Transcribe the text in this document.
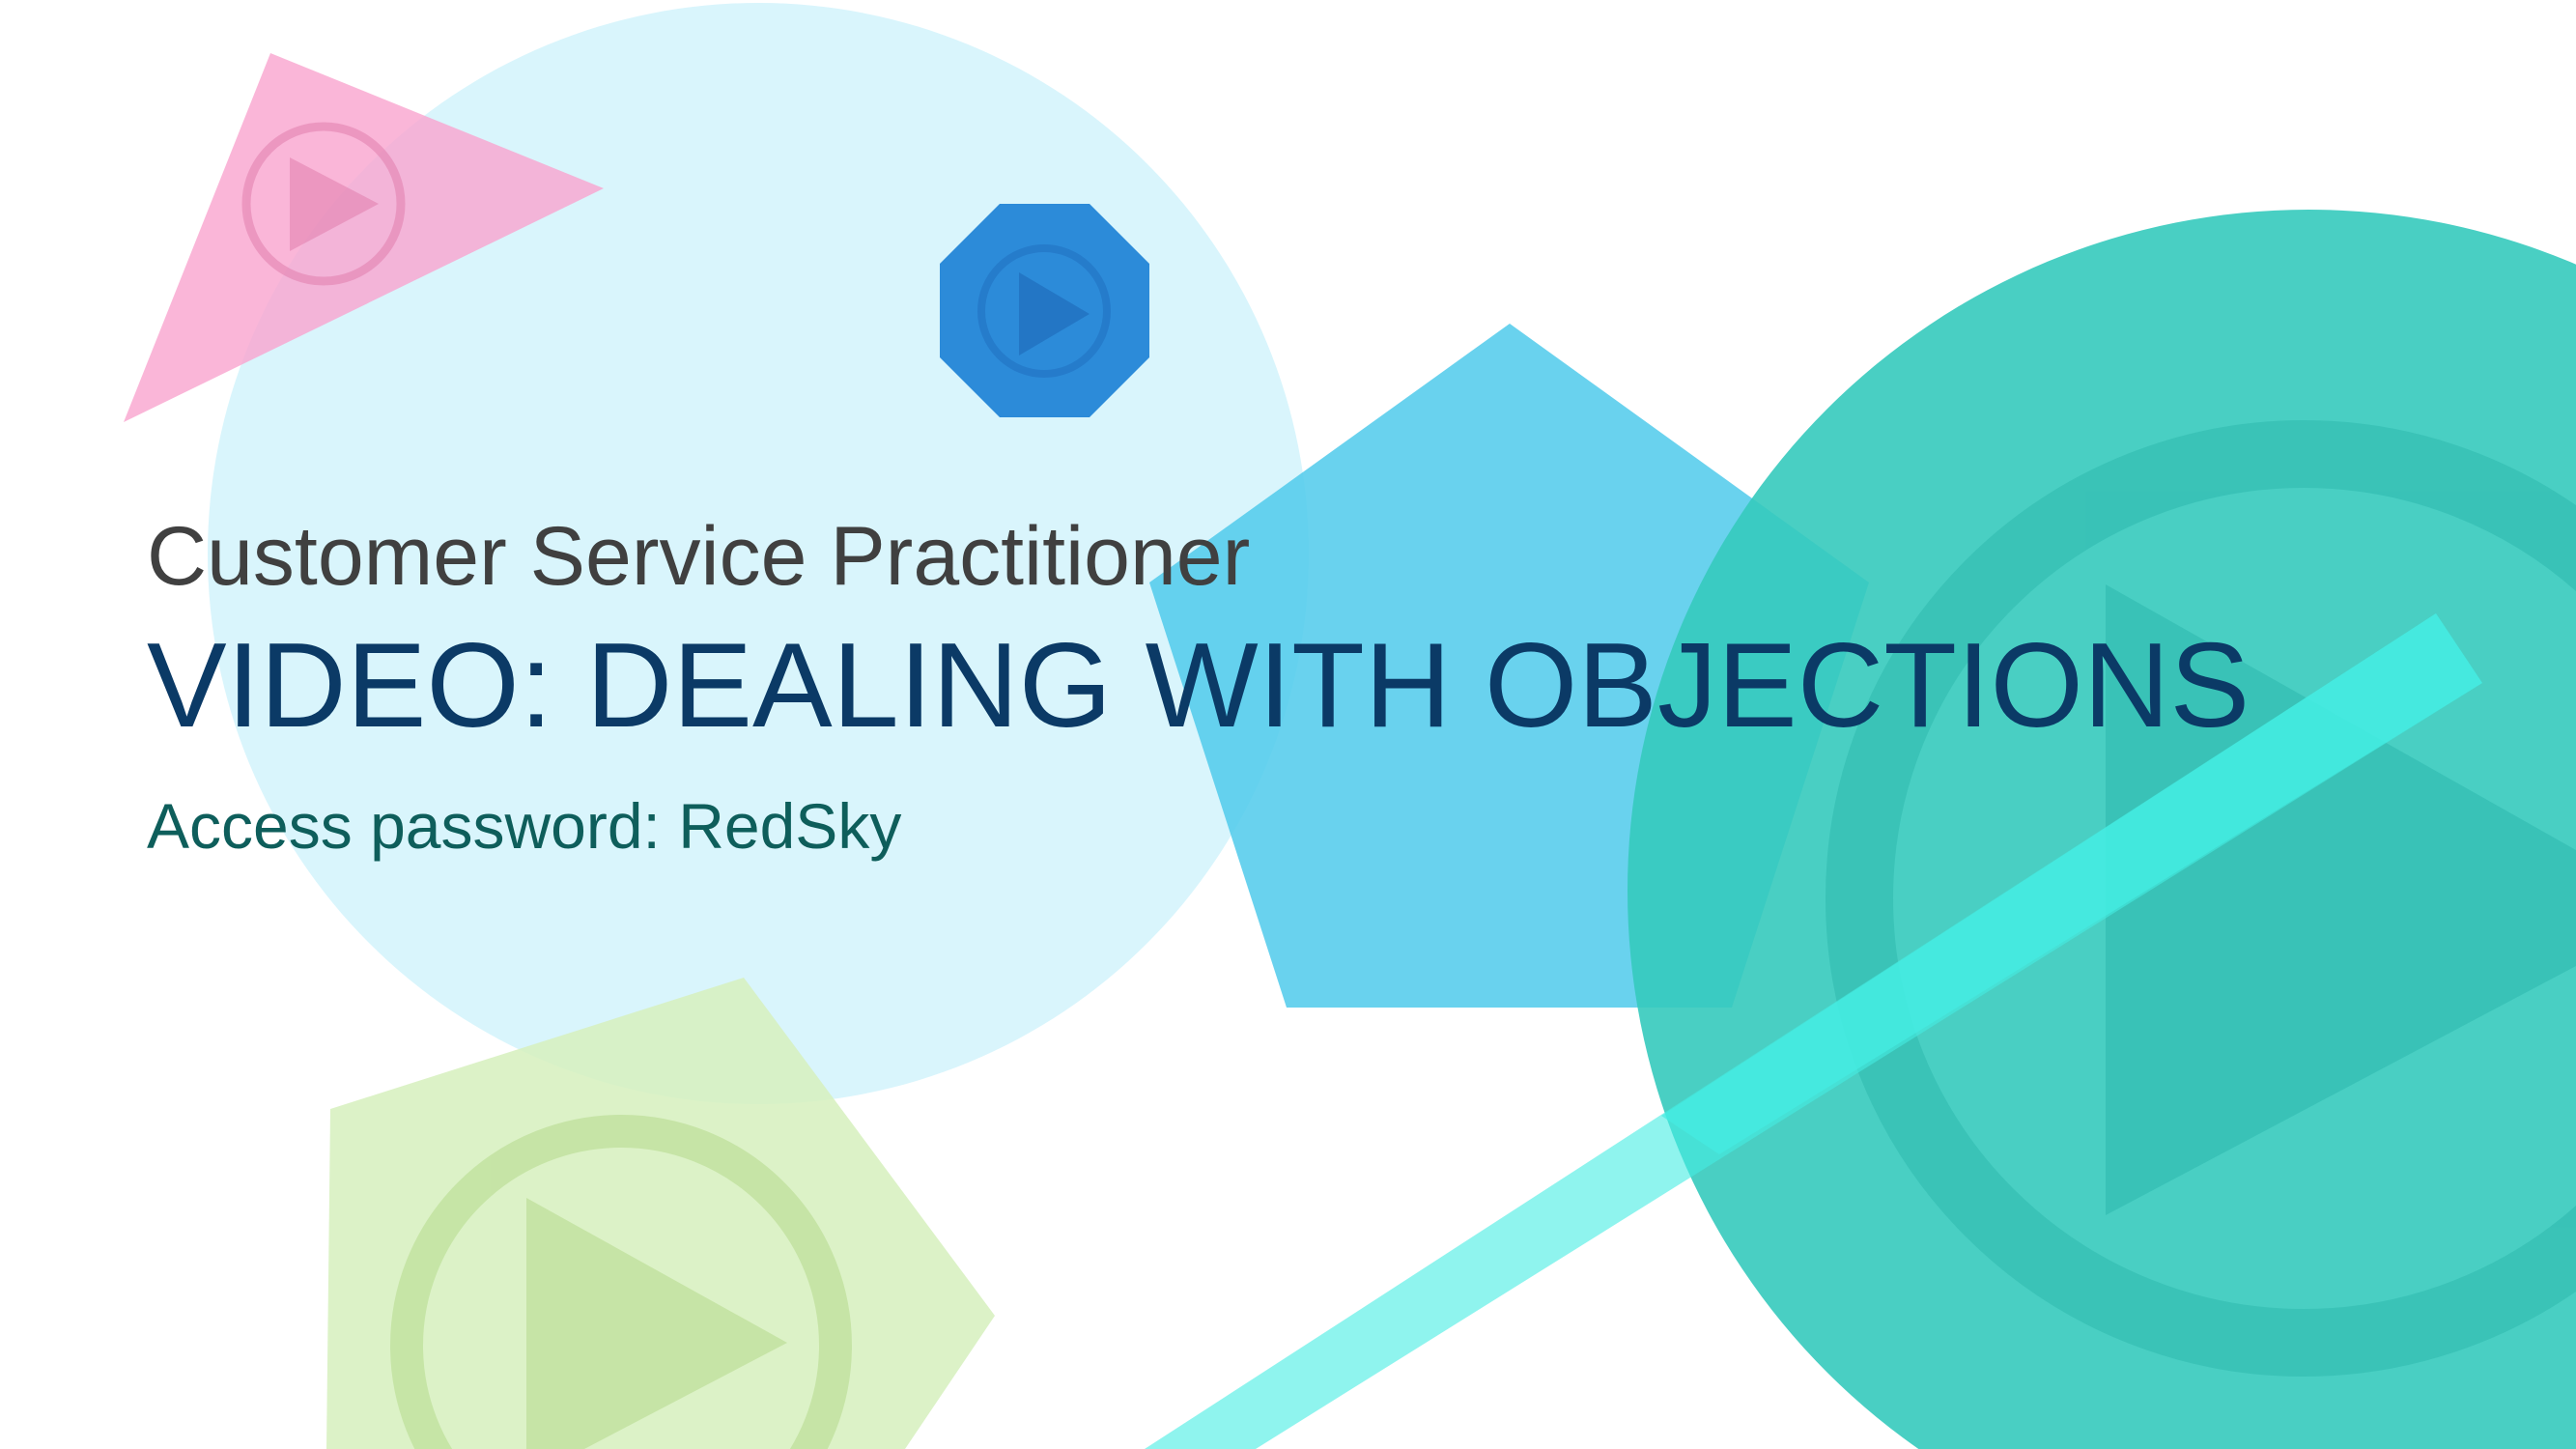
Customer Service Practitioner
VIDEO: DEALING WITH OBJECTIONS
Access password: RedSky
